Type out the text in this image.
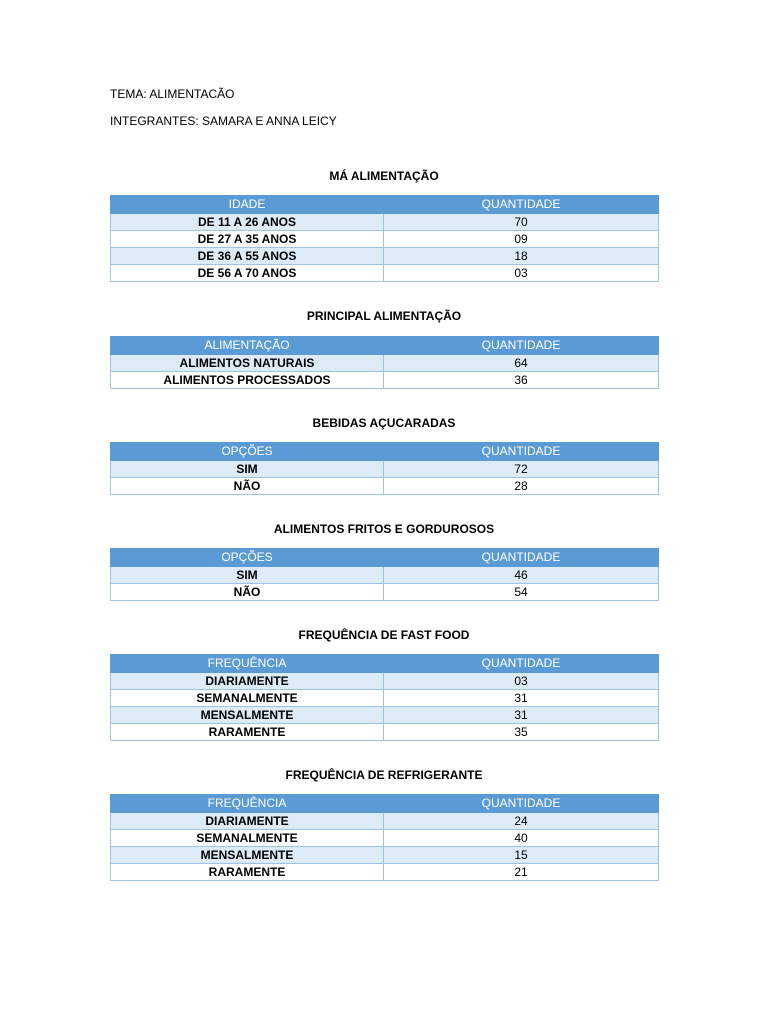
TEMA: ALIMENTACÃO
INTEGRANTES: SAMARA E ANNA LEICY
MÁ ALIMENTAÇÃO
IDADE	QUANTIDADE
DE 11 A 26 ANOS	70
DE 27 A 35 ANOS	09
DE 36 A 55 ANOS	18
DE 56 A 70 ANOS	03
PRINCIPAL ALIMENTAÇÃO
ALIMENTAÇÃO	QUANTIDADE
ALIMENTOS NATURAIS	64
ALIMENTOS PROCESSADOS	36
BEBIDAS AÇUCARADAS
OPÇÕES	QUANTIDADE
SIM	72
NÃO	28
ALIMENTOS FRITOS E GORDUROSOS
OPÇÕES	QUANTIDADE
SIM	46
NÃO	54
FREQUÊNCIA DE FAST FOOD
FREQUÊNCIA	QUANTIDADE
DIARIAMENTE	03
SEMANALMENTE	31
MENSALMENTE	31
RARAMENTE	35
FREQUÊNCIA DE REFRIGERANTE
FREQUÊNCIA	QUANTIDADE
DIARIAMENTE	24
SEMANALMENTE	40
MENSALMENTE	15
RARAMENTE	21
